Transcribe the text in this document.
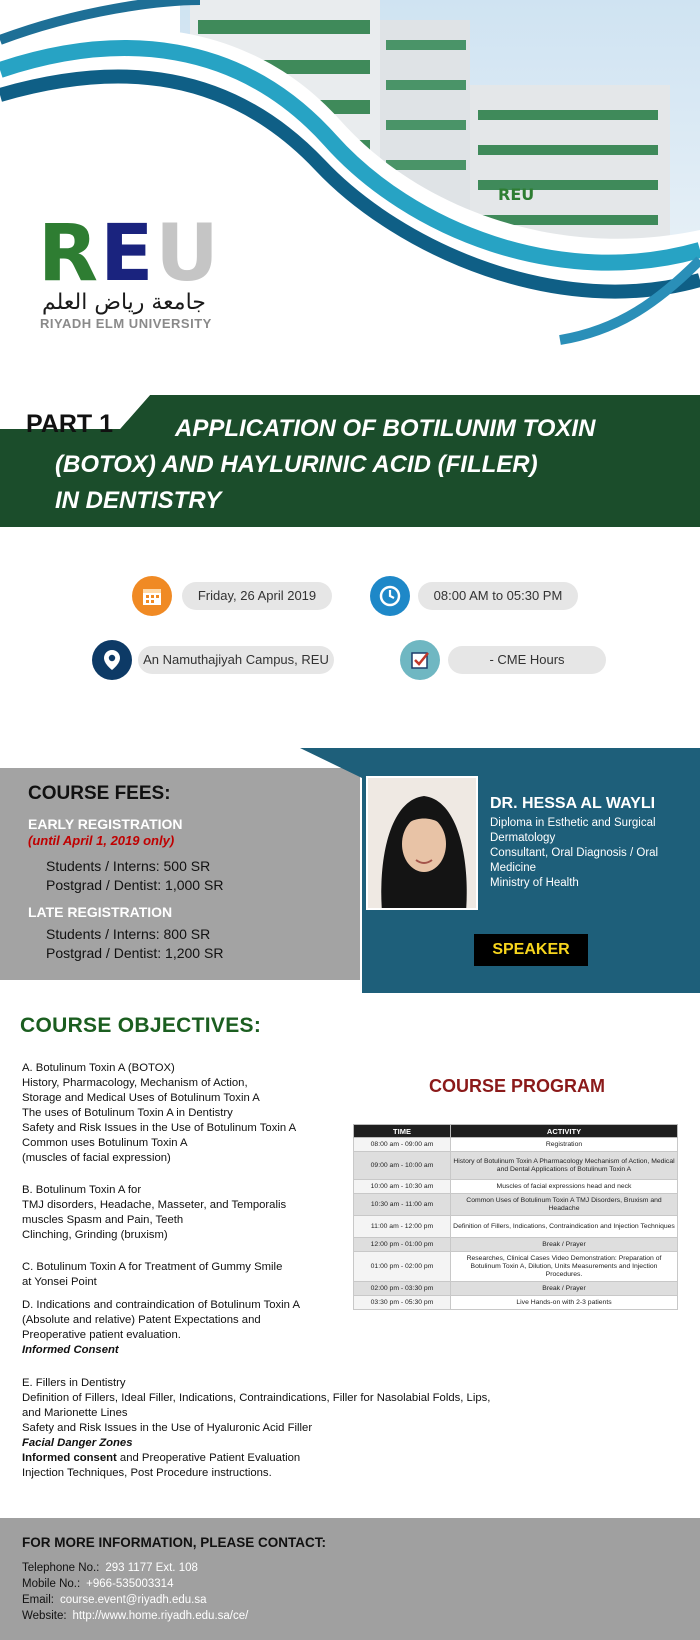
REU
REU
جامعة رياض العلم
RIYADH ELM UNIVERSITY
PART 1	APPLICATION OF BOTILUNIM TOXIN
(BOTOX) AND HAYLURINIC ACID (FILLER)
IN DENTISTRY
Friday, 26 April 2019	08:00 AM to 05:30 PM
An Namuthajiyah Campus, REU	- CME Hours
COURSE FEES:
EARLY REGISTRATION
(until April 1, 2019 only)
Students / Interns: 500 SR
Postgrad / Dentist: 1,000 SR
LATE REGISTRATION
Students / Interns: 800 SR
Postgrad / Dentist: 1,200 SR
DR. HESSA AL WAYLI
Diploma in Esthetic and Surgical Dermatology
Consultant, Oral Diagnosis / Oral Medicine
Ministry of Health
SPEAKER
COURSE OBJECTIVES:
A. Botulinum Toxin A (BOTOX)
History, Pharmacology, Mechanism of Action,
Storage and Medical Uses of Botulinum Toxin A
The uses of Botulinum Toxin A in Dentistry
Safety and Risk Issues in the Use of Botulinum Toxin A
Common uses Botulinum Toxin A
(muscles of facial expression)
B. Botulinum Toxin A for
TMJ disorders, Headache, Masseter, and Temporalis
muscles Spasm and Pain, Teeth
Clinching, Grinding (bruxism)
C. Botulinum Toxin A for Treatment of Gummy Smile
at Yonsei Point
D. Indications and contraindication of Botulinum Toxin A
(Absolute and relative) Patent Expectations and
Preoperative patient evaluation.
Informed Consent
E. Fillers in Dentistry
Definition of Fillers, Ideal Filler, Indications, Contraindications, Filler for Nasolabial Folds, Lips,
and Marionette Lines
Safety and Risk Issues in the Use of Hyaluronic Acid Filler
Facial Danger Zones
Informed consent and Preoperative Patient Evaluation
Injection Techniques, Post Procedure instructions.
COURSE PROGRAM
TIME	ACTIVITY
08:00 am - 09:00 am	Registration
09:00 am - 10:00 am	History of Botulinum Toxin A Pharmacology Mechanism of Action, Medical and Dental Applications of Botulinum Toxin A
10:00 am - 10:30 am	Muscles of facial expressions head and neck
10:30 am - 11:00 am	Common Uses of Botulinum Toxin A TMJ Disorders, Bruxism and Headache
11:00 am - 12:00 pm	Definition of Fillers, Indications, Contraindication and Injection Techniques
12:00 pm - 01:00 pm	Break / Prayer
01:00 pm - 02:00 pm	Researches, Clinical Cases Video Demonstration: Preparation of Botulinum Toxin A, Dilution, Units Measurements and Injection Procedures.
02:00 pm - 03:30 pm	Break / Prayer
03:30 pm - 05:30 pm	Live Hands-on with 2-3 patients
FOR MORE INFORMATION, PLEASE CONTACT:
Telephone No.: 293 1177 Ext. 108
Mobile No.: +966-535003314
Email: course.event@riyadh.edu.sa
Website: http://www.home.riyadh.edu.sa/ce/
